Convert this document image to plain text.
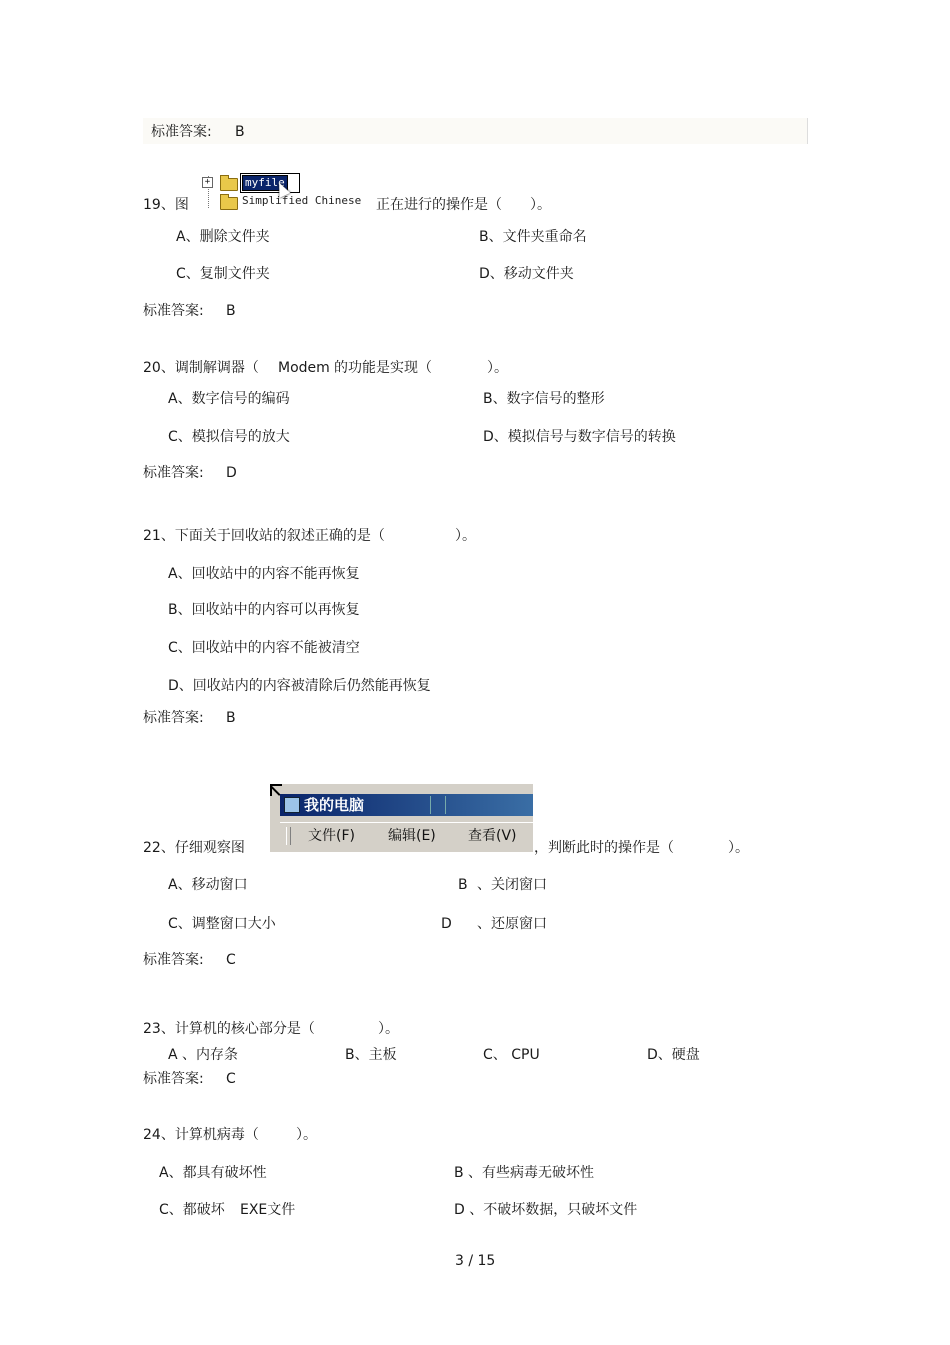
标准答案: B
19、图
+	myfile
Simplified Chinese 正在进行的操作是（　　）。
A、删除文件夹	B、文件夹重命名
C、复制文件夹	D、移动文件夹
标准答案: B
20、调制解调器（ Modem 的功能是实现（	）。
A、数字信号的编码	B、数字信号的整形
C、模拟信号的放大	D、模拟信号与数字信号的转换
标准答案: D
21、下面关于回收站的叙述正确的是（	）。
A、回收站中的内容不能再恢复
B、回收站中的内容可以再恢复
C、回收站中的内容不能被清空
D、回收站内的内容被清除后仍然能再恢复
标准答案: B
22、仔细观察图
我的电脑
文件(F) 编辑(E) 查看(V)
，判断此时的操作是（	）。
A、移动窗口	B 、关闭窗口
C、调整窗口大小	D 、还原窗口
标准答案: C
23、计算机的核心部分是（	）。
A 、内存条	B、主板	C、 CPU	D、硬盘
标准答案: C
24、计算机病毒（	）。
A、都具有破坏性	B 、有些病毒无破坏性
C、都破坏 EXE文件	D 、不破坏数据，只破坏文件
3 / 15
